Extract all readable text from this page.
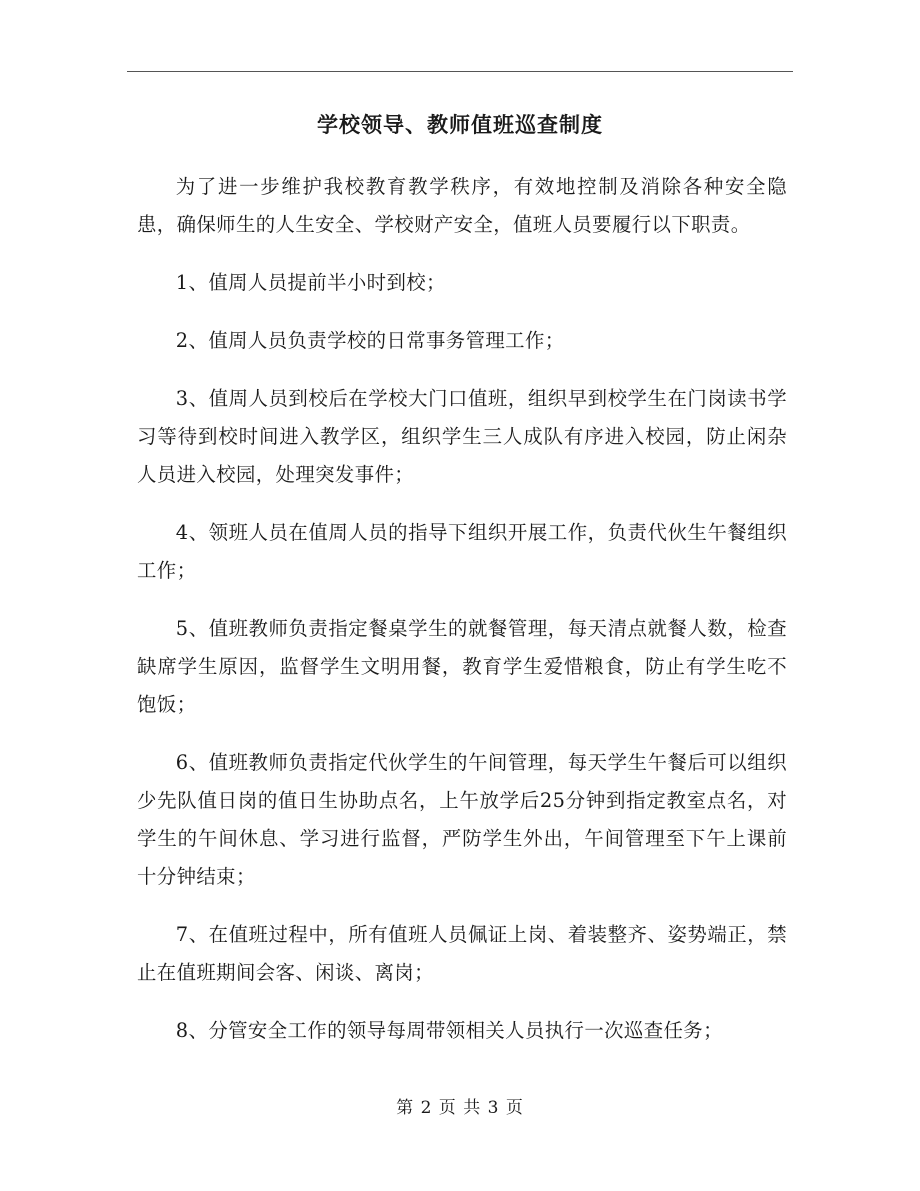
学校领导、教师值班巡查制度

为了进一步维护我校教育教学秩序，有效地控制及消除各种安全隐患，确保师生的人生安全、学校财产安全，值班人员要履行以下职责。

1、值周人员提前半小时到校；

2、值周人员负责学校的日常事务管理工作；

3、值周人员到校后在学校大门口值班，组织早到校学生在门岗读书学习等待到校时间进入教学区，组织学生三人成队有序进入校园，防止闲杂人员进入校园，处理突发事件；

4、领班人员在值周人员的指导下组织开展工作，负责代伙生午餐组织工作；

5、值班教师负责指定餐桌学生的就餐管理，每天清点就餐人数，检查缺席学生原因，监督学生文明用餐，教育学生爱惜粮食，防止有学生吃不饱饭；

6、值班教师负责指定代伙学生的午间管理，每天学生午餐后可以组织少先队值日岗的值日生协助点名，上午放学后25分钟到指定教室点名，对学生的午间休息、学习进行监督，严防学生外出，午间管理至下午上课前十分钟结束；

7、在值班过程中，所有值班人员佩证上岗、着装整齐、姿势端正，禁止在值班期间会客、闲谈、离岗；

8、分管安全工作的领导每周带领相关人员执行一次巡查任务；

第 2 页 共 3 页
